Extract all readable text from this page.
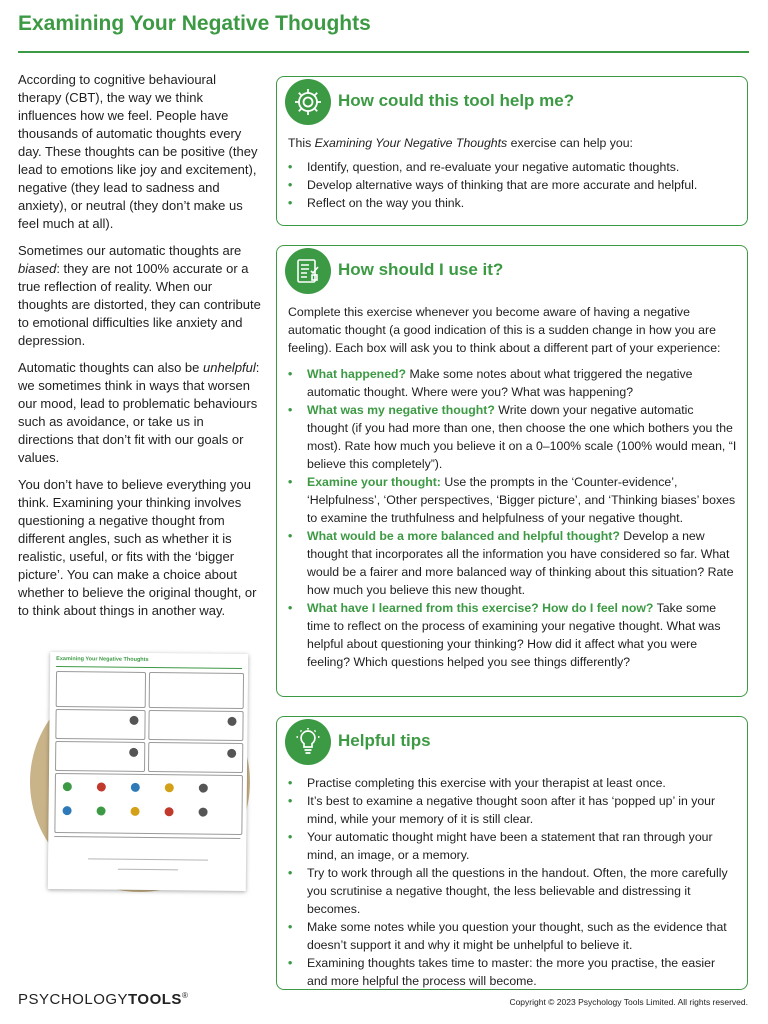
Examining Your Negative Thoughts

According to cognitive behavioural therapy (CBT), the way we think influences how we feel. People have thousands of automatic thoughts every day. These thoughts can be positive (they lead to emotions like joy and excitement), negative (they lead to sadness and anxiety), or neutral (they don’t make us feel much at all).

Sometimes our automatic thoughts are biased: they are not 100% accurate or a true reflection of reality. When our thoughts are distorted, they can contribute to emotional difficulties like anxiety and depression.

Automatic thoughts can also be unhelpful: we sometimes think in ways that worsen our mood, lead to problematic behaviours such as avoidance, or take us in directions that don’t fit with our goals or values.

You don’t have to believe everything you think. Examining your thinking involves questioning a negative thought from different angles, such as whether it is realistic, useful, or fits with the ‘bigger picture’. You can make a choice about whether to believe the original thought, or to think about things in another way.

How could this tool help me?

This Examining Your Negative Thoughts exercise can help you:

• Identify, question, and re-evaluate your negative automatic thoughts.
• Develop alternative ways of thinking that are more accurate and helpful.
• Reflect on the way you think.
How should I use it?

Complete this exercise whenever you become aware of having a negative automatic thought (a good indication of this is a sudden change in how you are feeling). Each box will ask you to think about a different part of your experience:

• What happened? Make some notes about what triggered the negative automatic thought. Where were you? What was happening?
• What was my negative thought? Write down your negative automatic thought (if you had more than one, then choose the one which bothers you the most). Rate how much you believe it on a 0–100% scale (100% would mean, “I believe this completely”).
• Examine your thought: Use the prompts in the ‘Counter-evidence’, ‘Helpfulness’, ‘Other perspectives, ‘Bigger picture’, and ‘Thinking biases’ boxes to examine the truthfulness and helpfulness of your negative thought.
• What would be a more balanced and helpful thought? Develop a new thought that incorporates all the information you have considered so far. What would be a fairer and more balanced way of thinking about this situation? Rate how much you believe this new thought.
• What have I learned from this exercise? How do I feel now? Take some time to reflect on the process of examining your negative thought. What was helpful about questioning your thinking? How did it affect what you were feeling? Which questions helped you see things differently?
Helpful tips
• Practise completing this exercise with your therapist at least once.
• It’s best to examine a negative thought soon after it has ‘popped up’ in your mind, while your memory of it is still clear.
• Your automatic thought might have been a statement that ran through your mind, an image, or a memory.
• Try to work through all the questions in the handout. Often, the more carefully you scrutinise a negative thought, the less believable and distressing it becomes.
• Make some notes while you question your thought, such as the evidence that doesn’t support it and why it might be unhelpful to believe it.
• Examining thoughts takes time to master: the more you practise, the easier and more helpful the process will become.
Examining Your Negative Thoughts
PSYCHOLOGYTOOLS®
Copyright © 2023 Psychology Tools Limited. All rights reserved.
